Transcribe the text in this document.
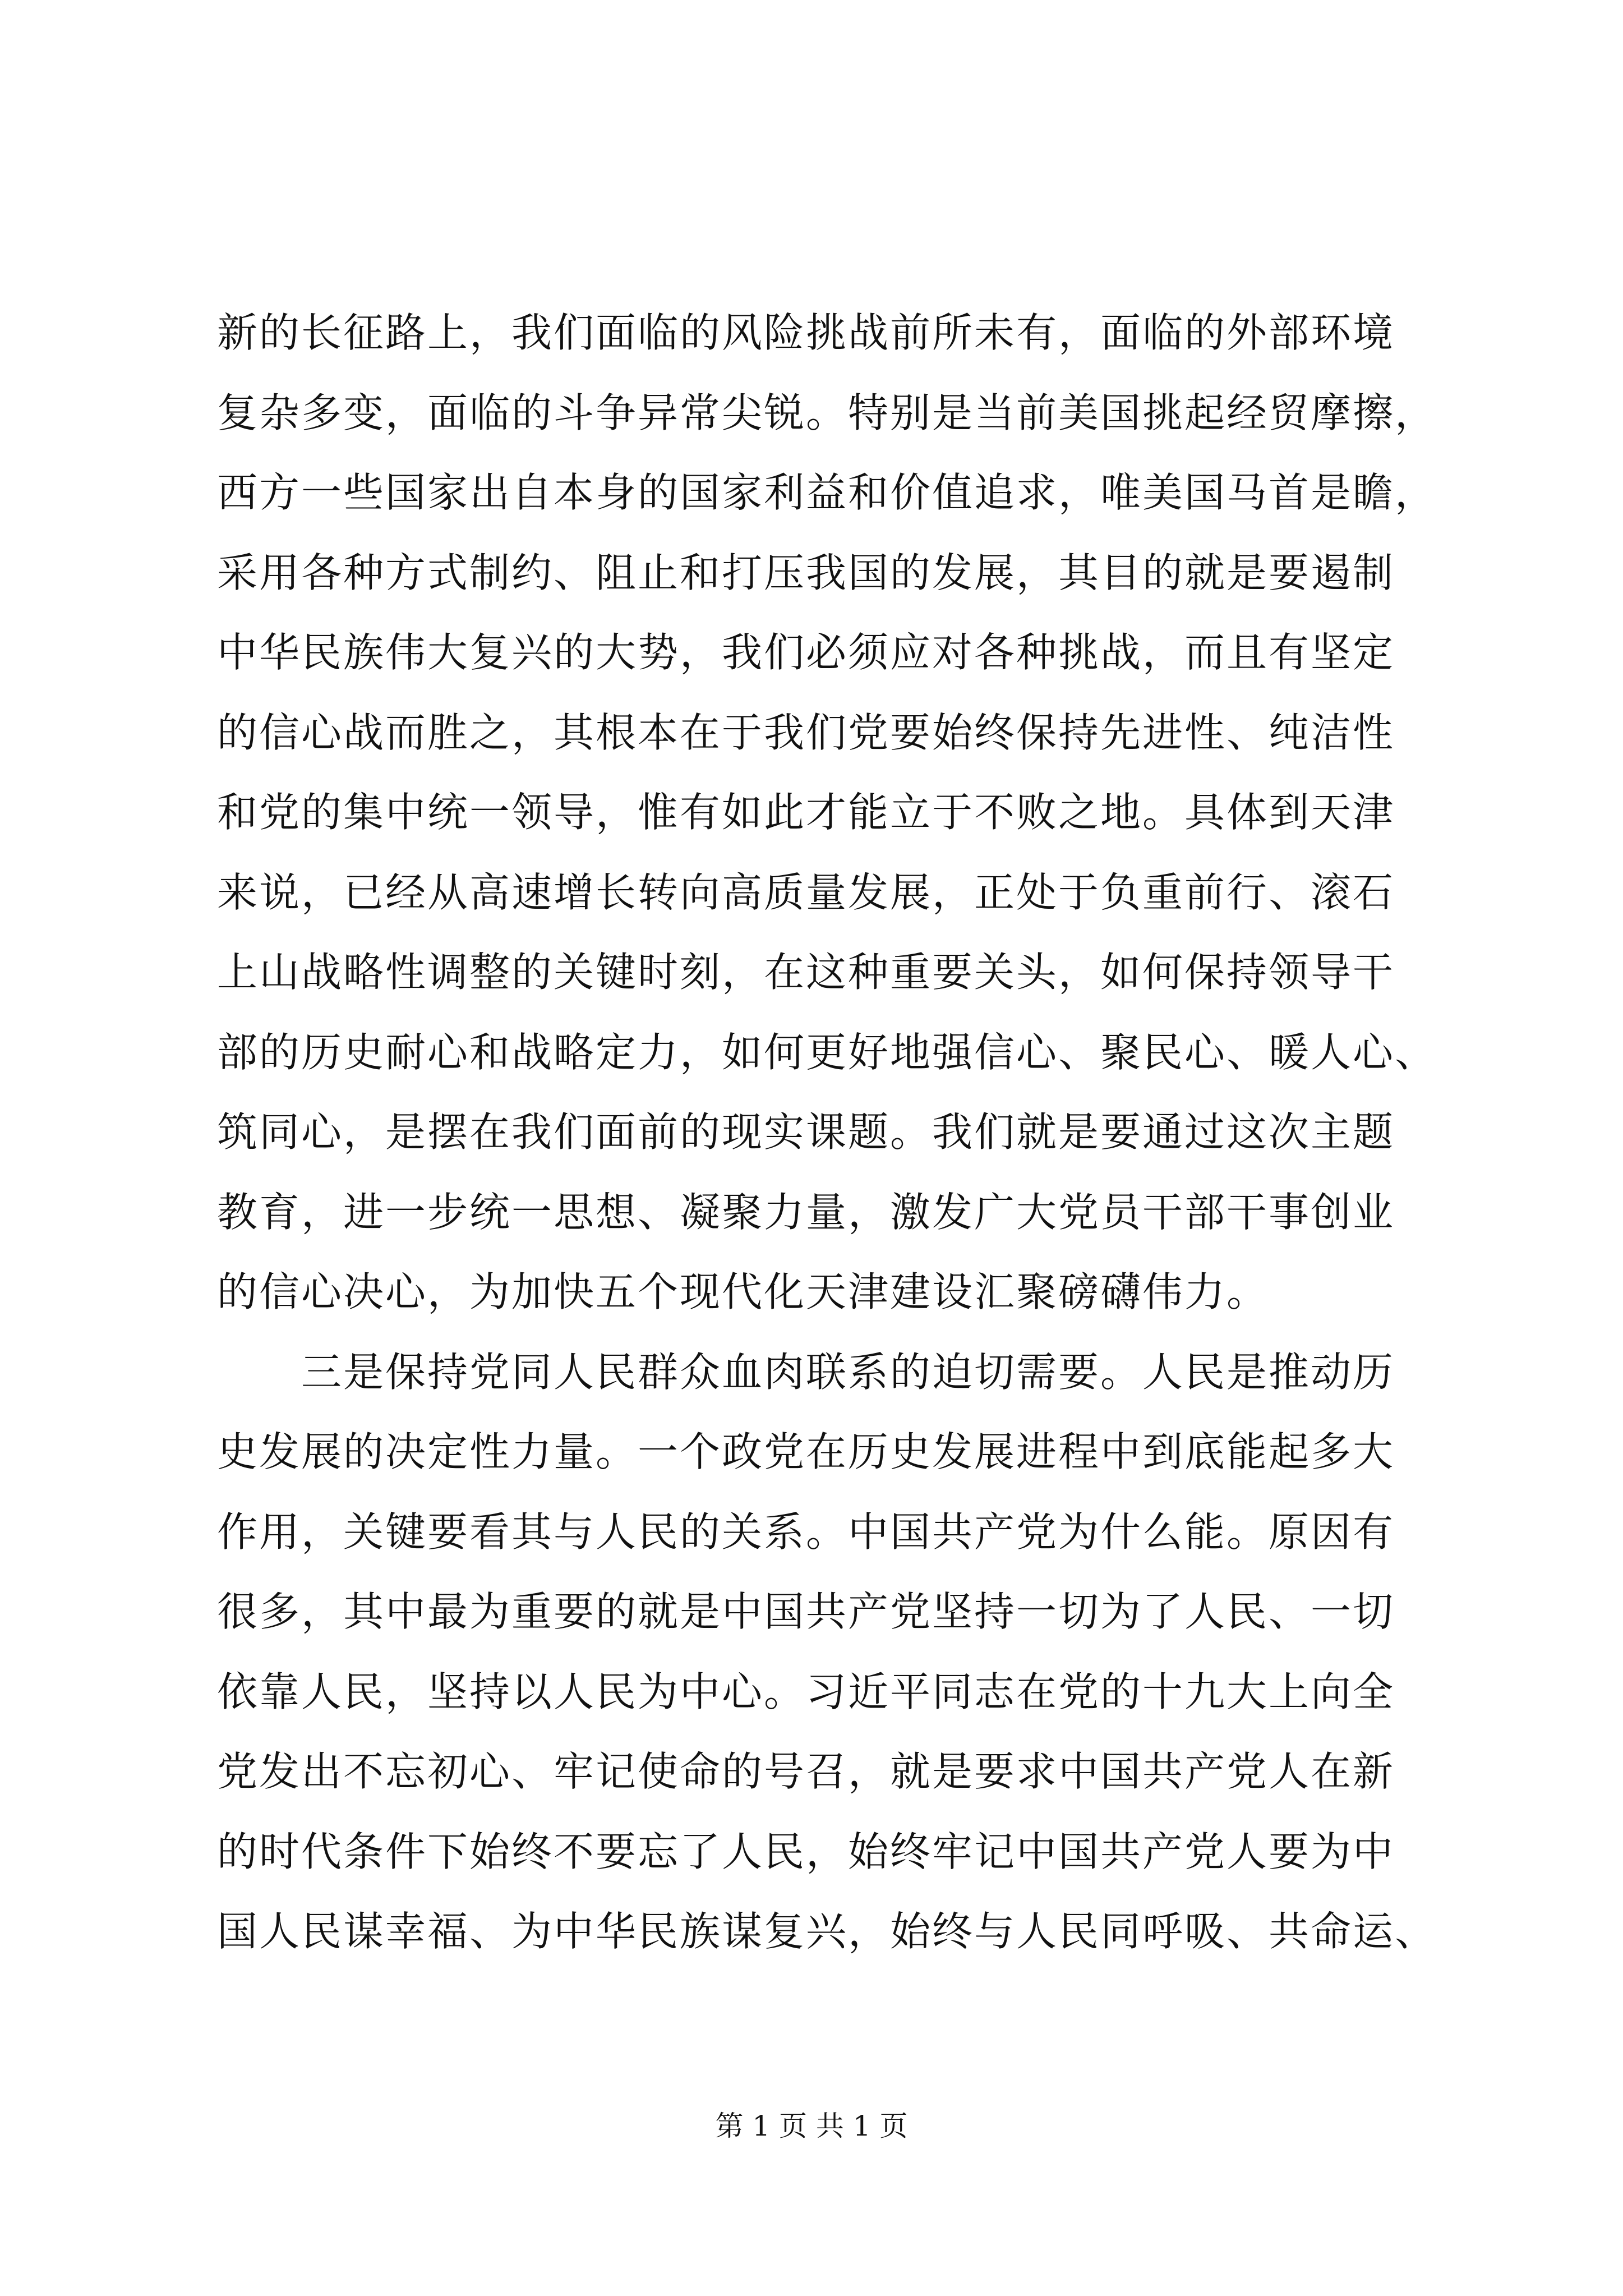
新的长征路上，我们面临的风险挑战前所未有，面临的外部环境
复杂多变，面临的斗争异常尖锐。特别是当前美国挑起经贸摩擦，
西方一些国家出自本身的国家利益和价值追求，唯美国马首是瞻，
采用各种方式制约、阻止和打压我国的发展，其目的就是要遏制
中华民族伟大复兴的大势，我们必须应对各种挑战，而且有坚定
的信心战而胜之，其根本在于我们党要始终保持先进性、纯洁性
和党的集中统一领导，惟有如此才能立于不败之地。具体到天津
来说，已经从高速增长转向高质量发展，正处于负重前行、滚石
上山战略性调整的关键时刻，在这种重要关头，如何保持领导干
部的历史耐心和战略定力，如何更好地强信心、聚民心、暖人心、
筑同心，是摆在我们面前的现实课题。我们就是要通过这次主题
教育，进一步统一思想、凝聚力量，激发广大党员干部干事创业
的信心决心，为加快五个现代化天津建设汇聚磅礴伟力。
　　三是保持党同人民群众血肉联系的迫切需要。人民是推动历
史发展的决定性力量。一个政党在历史发展进程中到底能起多大
作用，关键要看其与人民的关系。中国共产党为什么能。原因有
很多，其中最为重要的就是中国共产党坚持一切为了人民、一切
依靠人民，坚持以人民为中心。习近平同志在党的十九大上向全
党发出不忘初心、牢记使命的号召，就是要求中国共产党人在新
的时代条件下始终不要忘了人民，始终牢记中国共产党人要为中
国人民谋幸福、为中华民族谋复兴，始终与人民同呼吸、共命运、
第 1 页 共 1 页
